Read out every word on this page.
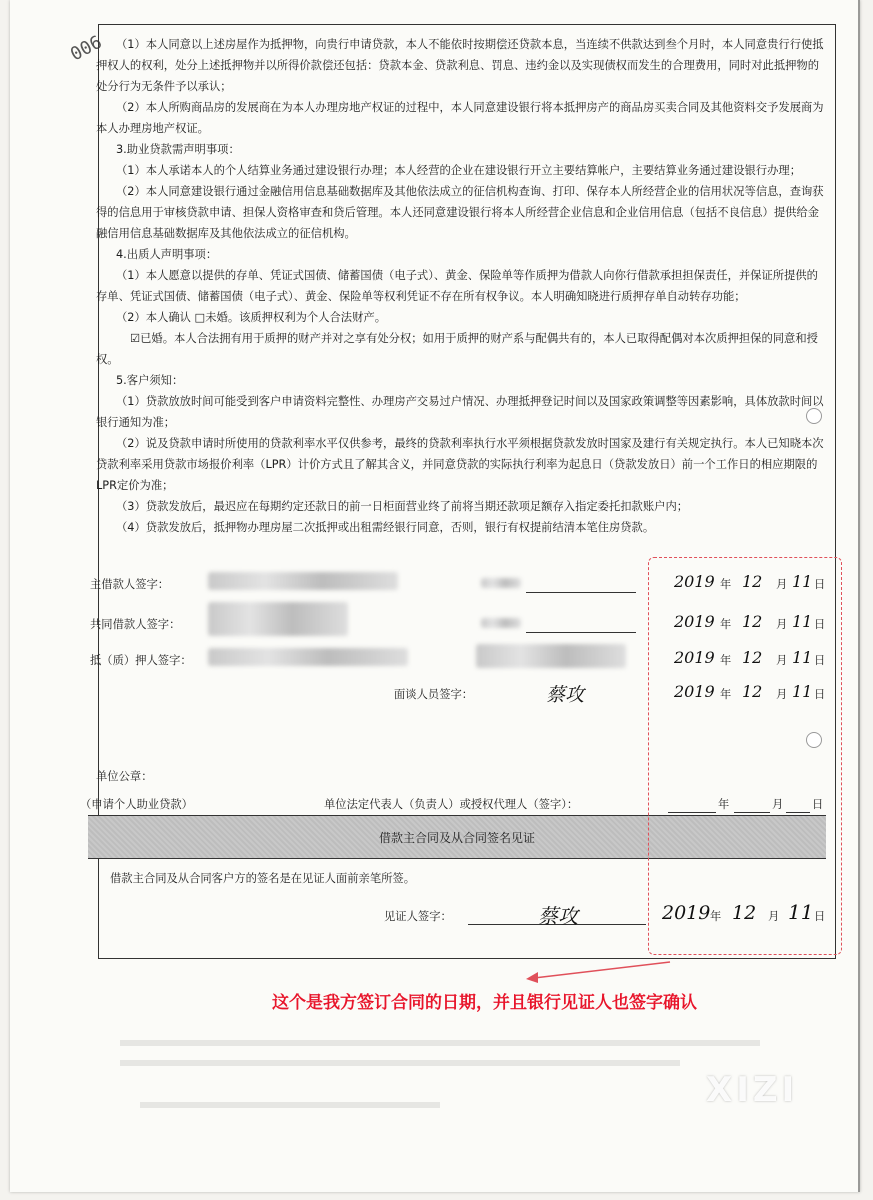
006 （1）本人同意以上述房屋作为抵押物，向贵行申请贷款，本人不能依时按期偿还贷款本息，当连续不供款达到叁个月时，本人同意贵行行使抵押权人的权利，处分上述抵押物并以所得价款偿还包括：贷款本金、贷款利息、罚息、违约金以及实现债权而发生的合理费用，同时对此抵押物的处分行为无条件予以承认；

（2）本人所购商品房的发展商在为本人办理房地产权证的过程中，本人同意建设银行将本抵押房产的商品房买卖合同及其他资料交予发展商为本人办理房地产权证。

3.助业贷款需声明事项：

（1）本人承诺本人的个人结算业务通过建设银行办理；本人经营的企业在建设银行开立主要结算帐户，主要结算业务通过建设银行办理；

（2）本人同意建设银行通过金融信用信息基础数据库及其他依法成立的征信机构查询、打印、保存本人所经营企业的信用状况等信息，查询获得的信息用于审核贷款申请、担保人资格审查和贷后管理。本人还同意建设银行将本人所经营企业信息和企业信用信息（包括不良信息）提供给金融信用信息基础数据库及其他依法成立的征信机构。

4.出质人声明事项：

（1）本人愿意以提供的存单、凭证式国债、储蓄国债（电子式）、黄金、保险单等作质押为借款人向你行借款承担担保责任，并保证所提供的存单、凭证式国债、储蓄国债（电子式）、黄金、保险单等权利凭证不存在所有权争议。本人明确知晓进行质押存单自动转存功能；

（2）本人确认 □未婚。该质押权利为个人合法财产。

☑已婚。本人合法拥有用于质押的财产并对之享有处分权；如用于质押的财产系与配偶共有的，本人已取得配偶对本次质押担保的同意和授权。

5.客户须知：

（1）贷款放放时间可能受到客户申请资料完整性、办理房产交易过户情况、办理抵押登记时间以及国家政策调整等因素影响，具体放款时间以银行通知为准；

（2）说及贷款申请时所使用的贷款利率水平仅供参考，最终的贷款利率执行水平须根据贷款发放时国家及建行有关规定执行。本人已知晓本次贷款利率采用贷款市场报价利率（LPR）计价方式且了解其含义，并同意贷款的实际执行利率为起息日（贷款发放日）前一个工作日的相应期限的LPR定价为准；

（3）贷款发放后，最迟应在每期约定还款日的前一日柜面营业终了前将当期还款项足额存入指定委托扣款账户内；

（4）贷款发放后，抵押物办理房屋二次抵押或出租需经银行同意，否则，银行有权提前结清本笔住房贷款。

主借款人签字：	2019 年 12 月 11 日
共同借款人签字：	2019 年 12 月 11 日
抵（质）押人签字：	2019 年 12 月 11 日
面谈人员签字：	蔡攻	2019 年 12 月 11 日
单位公章：
（申请个人助业贷款）	单位法定代表人（负责人）或授权代理人（签字）：	年	月	日
借款主合同及从合同签名见证
借款主合同及从合同客户方的签名是在见证人面前亲笔所签。
见证人签字：	蔡攻	2019 年 12 月 11 日
这个是我方签订合同的日期，并且银行见证人也签字确认
XIZI
